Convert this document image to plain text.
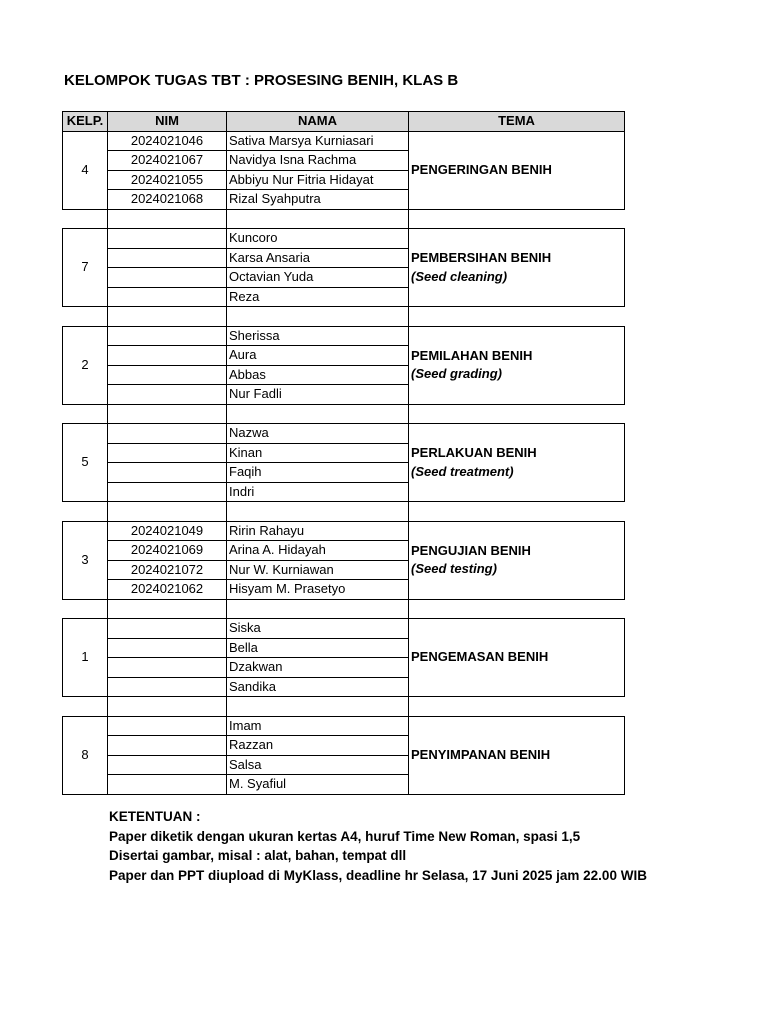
KELOMPOK TUGAS TBT : PROSESING BENIH, KLAS B
KELP.	NIM	NAMA	TEMA
4	2024021046	Sativa Marsya Kurniasari	PENGERINGAN BENIH

	2024021067	Navidya Isna Rachma	
	2024021055	Abbiyu Nur Fitria Hidayat	
	2024021068	Rizal Syahputra	

7		Kuncoro	PEMBERSIHAN BENIH
(Seed cleaning)

		Karsa Ansaria	
		Octavian Yuda	
		Reza	

2		Sherissa	PEMILAHAN BENIH
(Seed grading)

		Aura	
		Abbas	
		Nur Fadli	

5		Nazwa	PERLAKUAN BENIH
(Seed treatment)

		Kinan	
		Faqih	
		Indri	

3	2024021049	Ririn Rahayu	PENGUJIAN BENIH
(Seed testing)

	2024021069	Arina A. Hidayah	
	2024021072	Nur W. Kurniawan	
	2024021062	Hisyam M. Prasetyo	

1		Siska	PENGEMASAN BENIH

		Bella	
		Dzakwan	
		Sandika	

8		Imam	PENYIMPANAN BENIH

		Razzan	
		Salsa	
		M. Syafiul	
KETENTUAN :
Paper diketik dengan ukuran kertas A4, huruf Time New Roman, spasi 1,5
Disertai gambar, misal : alat, bahan, tempat dll
Paper dan PPT diupload di MyKlass, deadline hr Selasa, 17 Juni 2025 jam 22.00 WIB
